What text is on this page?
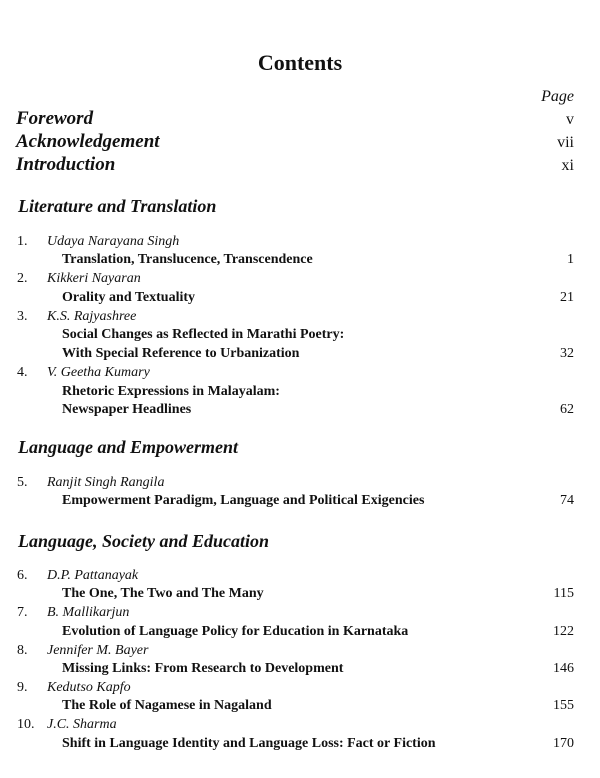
Contents
Page
Foreword	v
Acknowledgement	vii
Introduction	xi
Literature and Translation
1. Udaya Narayana Singh
Translation, Translucence, Transcendence	1
2. Kikkeri Nayaran
Orality and Textuality	21
3. K.S. Rajyashree
Social Changes as Reflected in Marathi Poetry:
With Special Reference to Urbanization	32
4. V. Geetha Kumary
Rhetoric Expressions in Malayalam:
Newspaper Headlines	62
Language and Empowerment
5. Ranjit Singh Rangila
Empowerment Paradigm, Language and Political Exigencies	74
Language, Society and Education
6. D.P. Pattanayak
The One, The Two and The Many	115
7. B. Mallikarjun
Evolution of Language Policy for Education in Karnataka	122
8. Jennifer M. Bayer
Missing Links: From Research to Development	146
9. Kedutso Kapfo
The Role of Nagamese in Nagaland	155
10. J.C. Sharma
Shift in Language Identity and Language Loss: Fact or Fiction	170
